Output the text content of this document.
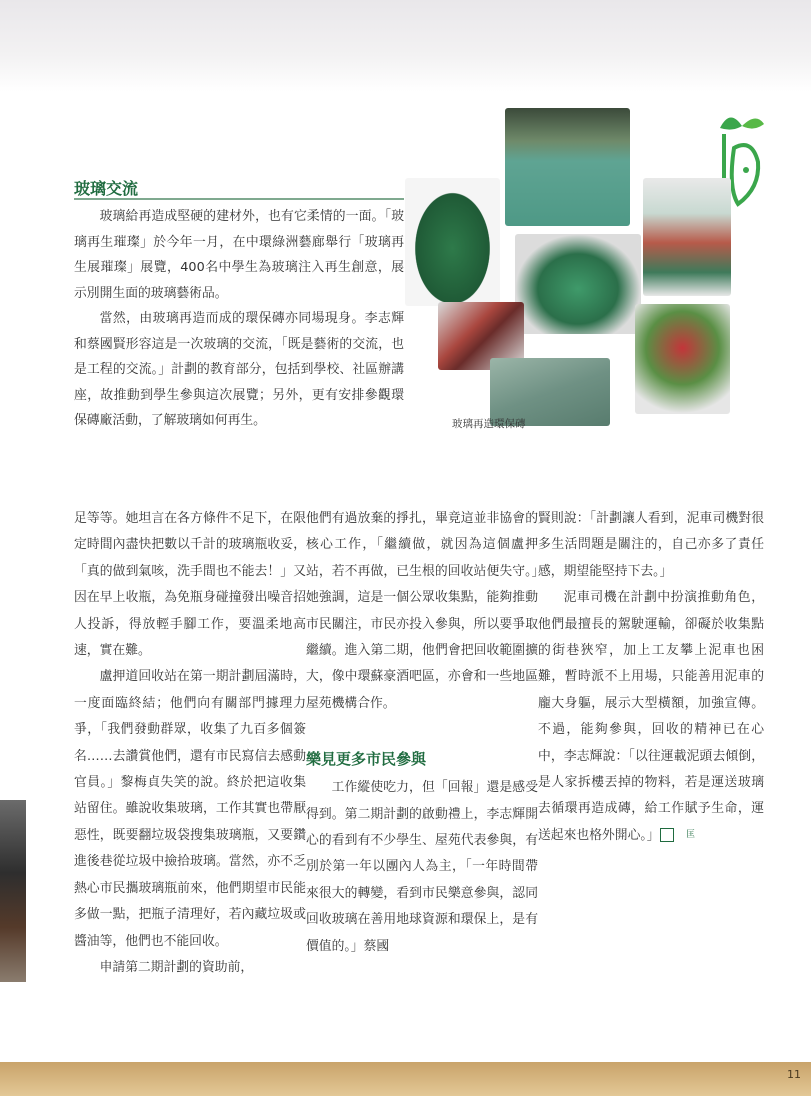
11
玻璃交流

玻璃給再造成堅硬的建材外，也有它柔情的一面。「玻璃再生璀璨」於今年一月，在中環綠洲藝廊舉行「玻璃再生展璀璨」展覽，400名中學生為玻璃注入再生創意，展示別開生面的玻璃藝術品。

當然，由玻璃再造而成的環保磚亦同場現身。李志輝和蔡國賢形容這是一次玻璃的交流，「既是藝術的交流，也是工程的交流。」計劃的教育部分，包括到學校、社區辦講座，故推動到學生參與這次展覽；另外，更有安排參觀環保磚廠活動，了解玻璃如何再生。	玻璃再造環保磚

足等等。她坦言在各方條件不足下，在限定時間內盡快把數以千計的玻璃瓶收妥，「真的做到氣咳，洗手間也不能去！」又因在早上收瓶，為免瓶身碰撞發出噪音招人投訴，得放輕手腳工作，要溫柔地高速，實在難。

盧押道回收站在第一期計劃屆滿時，一度面臨終結；他們向有關部門據理力爭，「我們發動群眾，收集了九百多個簽名……去讚賞他們，還有市民寫信去感動官員。」黎梅貞失笑的說。終於把這收集站留住。雖說收集玻璃，工作其實也帶厭惡性，既要翻垃圾袋搜集玻璃瓶，又要鑽進後巷從垃圾中撿拾玻璃。當然，亦不乏熱心市民攜玻璃瓶前來，他們期望市民能多做一點，把瓶子清理好，若內藏垃圾或醬油等，他們也不能回收。

申請第二期計劃的資助前，

他們有過放棄的掙扎，畢竟這並非協會的核心工作，「繼續做，就因為這個盧押站，若不再做，已生根的回收站便失守。」她強調，這是一個公眾收集點，能夠推動市民關注，市民亦投入參與，所以要爭取繼續。進入第二期，他們會把回收範圍擴大，像中環蘇豪酒吧區，亦會和一些地區屋苑機構合作。

樂見更多市民參與

工作縱使吃力，但「回報」還是感受得到。第二期計劃的啟動禮上，李志輝開心的看到有不少學生、屋苑代表參與，有別於第一年以團內人為主，「一年時間帶來很大的轉變，看到市民樂意參與，認同回收玻璃在善用地球資源和環保上，是有價值的。」蔡國

賢則說：「計劃讓人看到，泥車司機對很多生活問題是關注的，自己亦多了責任感，期望能堅持下去。」

泥車司機在計劃中扮演推動角色，他們最擅長的駕駛運輸，卻礙於收集點的街巷狹窄，加上工友攀上泥車也困難，暫時派不上用場，只能善用泥車的龐大身軀，展示大型橫額，加強宣傳。不過，能夠參與，回收的精神已在心中，李志輝說：「以往運載泥頭去傾倒，是人家拆樓丟掉的物料，若是運送玻璃去循環再造成磚，給工作賦予生命，運送起來也格外開心。」	匡
